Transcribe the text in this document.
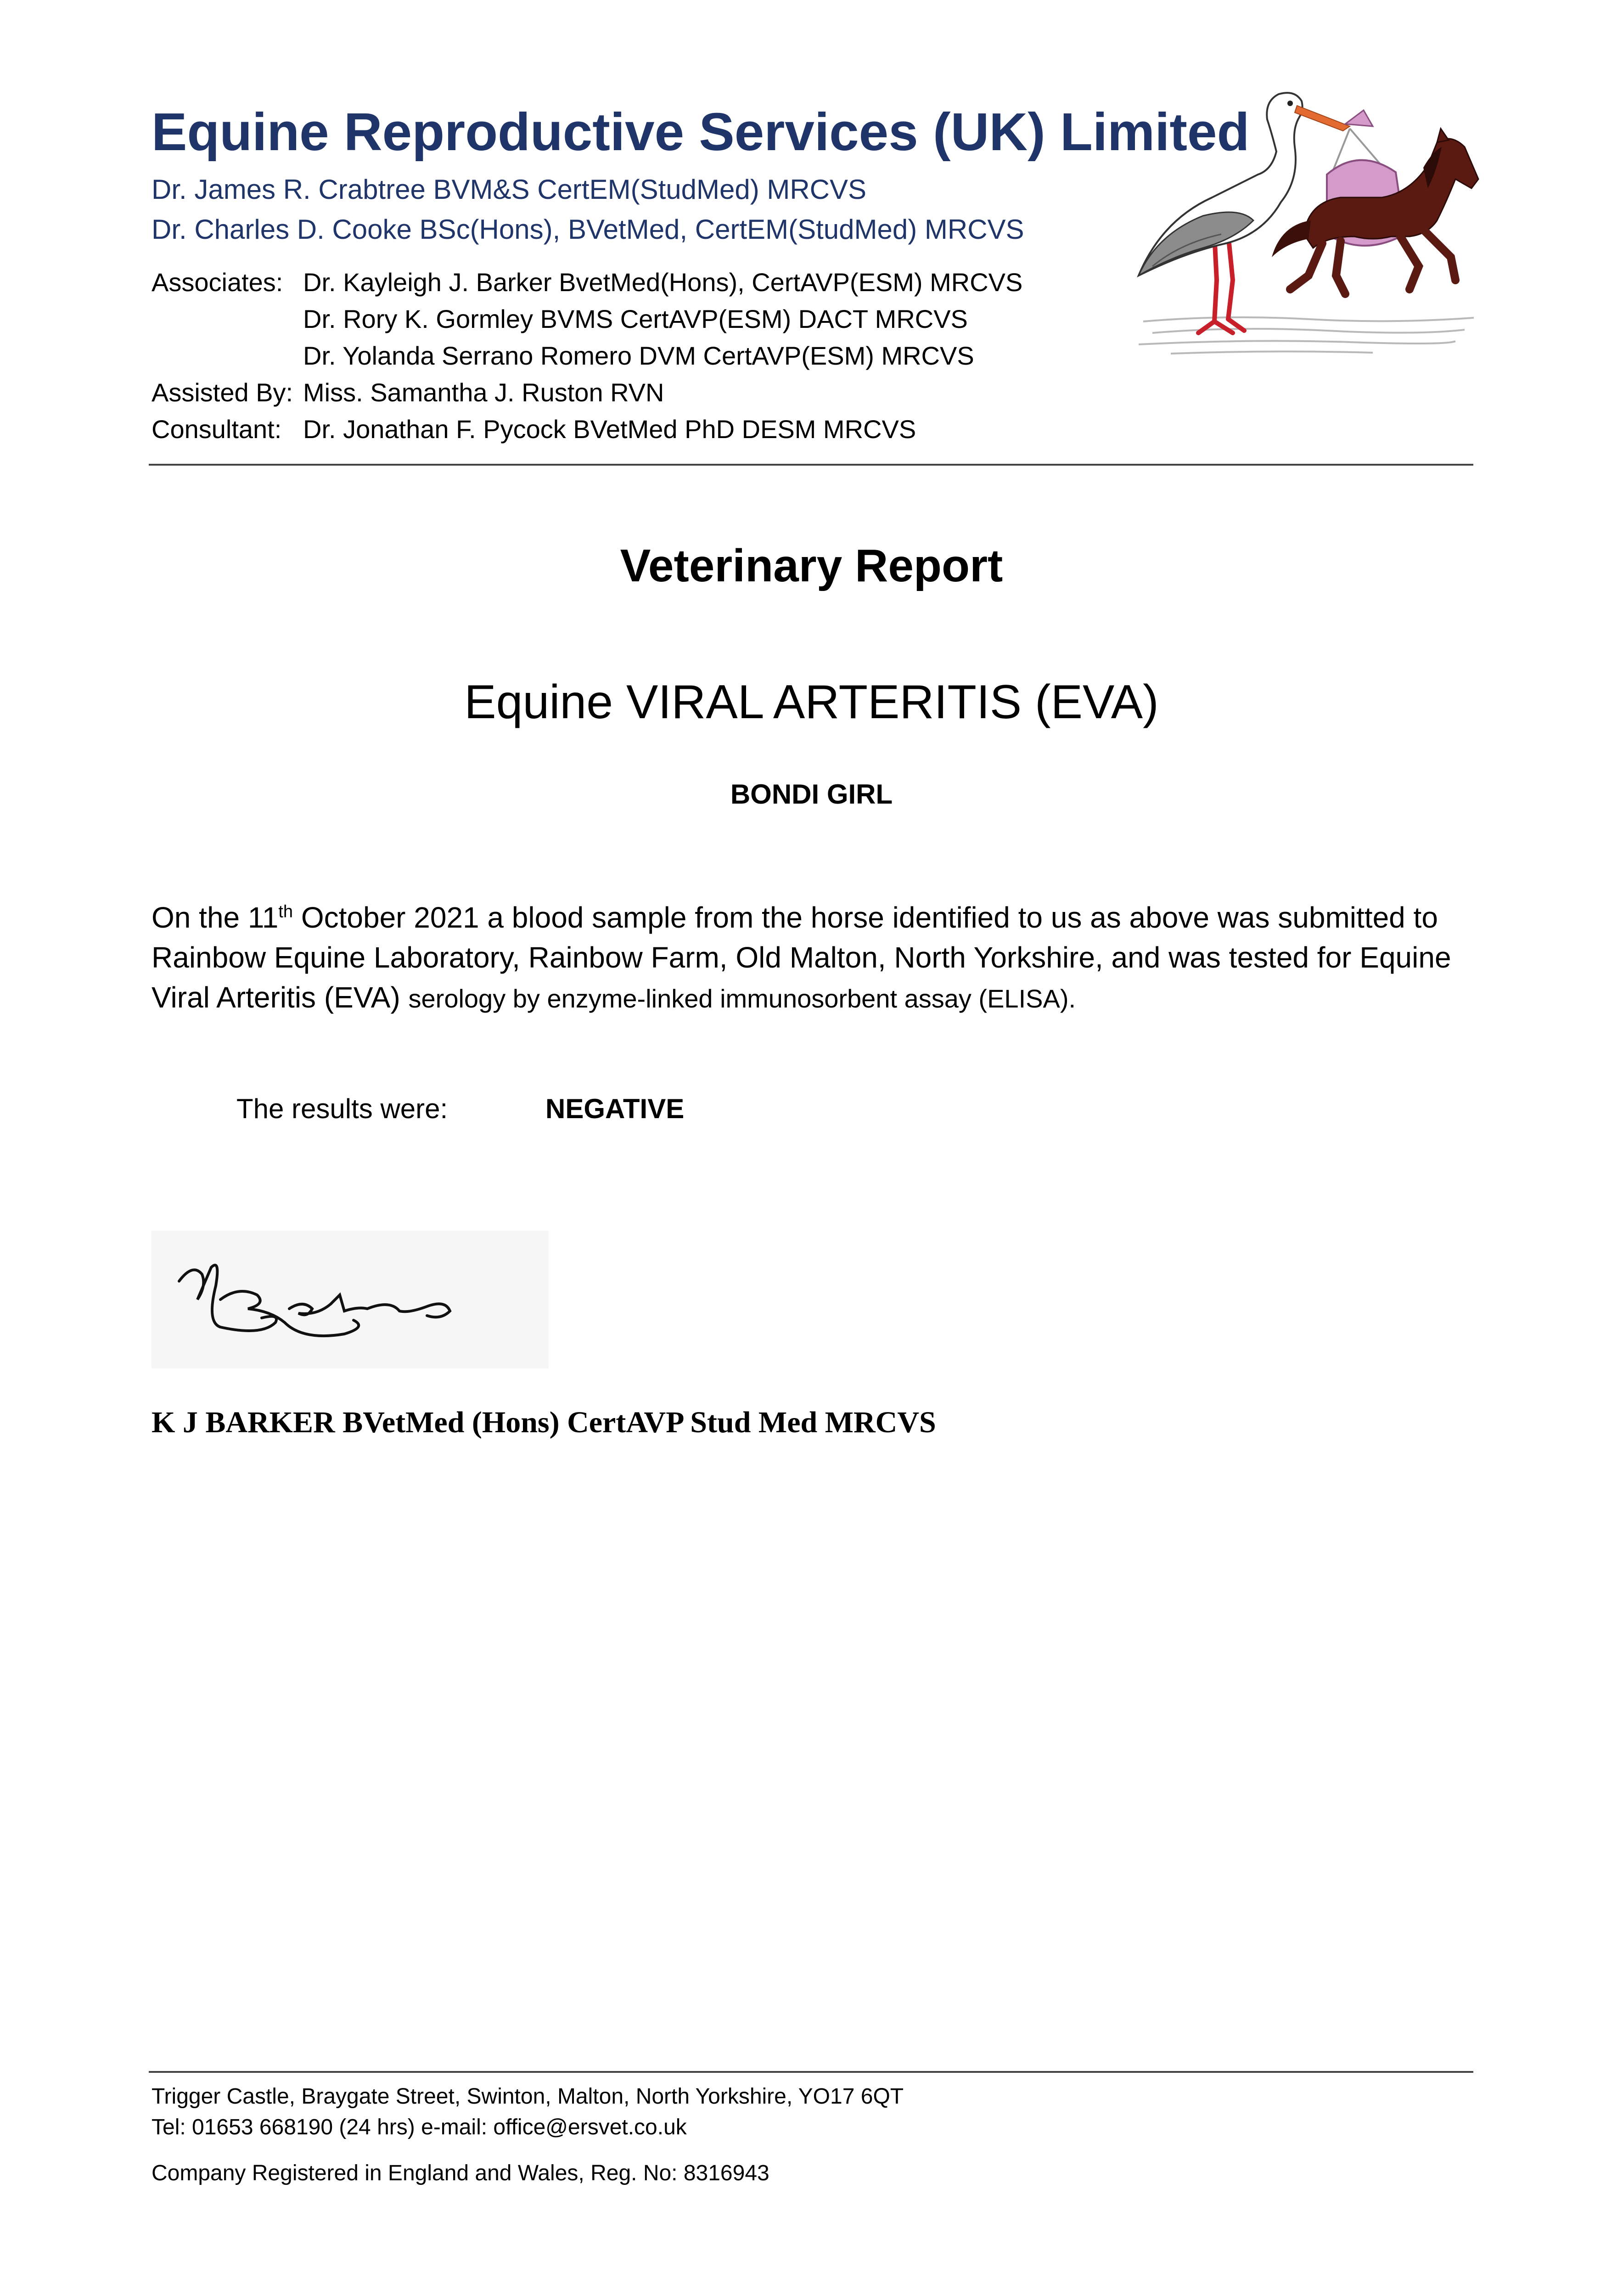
Equine Reproductive Services (UK) Limited
Dr. James R. Crabtree BVM&S CertEM(StudMed) MRCVS
Dr. Charles D. Cooke BSc(Hons), BVetMed, CertEM(StudMed) MRCVS
Associates: Dr. Kayleigh J. Barker BvetMed(Hons), CertAVP(ESM) MRCVS
Dr. Rory K. Gormley BVMS CertAVP(ESM) DACT MRCVS
Dr. Yolanda Serrano Romero DVM CertAVP(ESM) MRCVS
Assisted By: Miss. Samantha J. Ruston RVN
Consultant: Dr. Jonathan F. Pycock BVetMed PhD DESM MRCVS
Veterinary Report
Equine VIRAL ARTERITIS (EVA)
BONDI GIRL
On the 11th October 2021 a blood sample from the horse identified to us as above was submitted to Rainbow Equine Laboratory, Rainbow Farm, Old Malton, North Yorkshire, and was tested for Equine Viral Arteritis (EVA) serology by enzyme-linked immunosorbent assay (ELISA).
The results were:	NEGATIVE
K J BARKER BVetMed (Hons) CertAVP Stud Med MRCVS
Trigger Castle, Braygate Street, Swinton, Malton, North Yorkshire, YO17 6QT
Tel: 01653 668190 (24 hrs) e-mail: office@ersvet.co.uk
Company Registered in England and Wales, Reg. No: 8316943
